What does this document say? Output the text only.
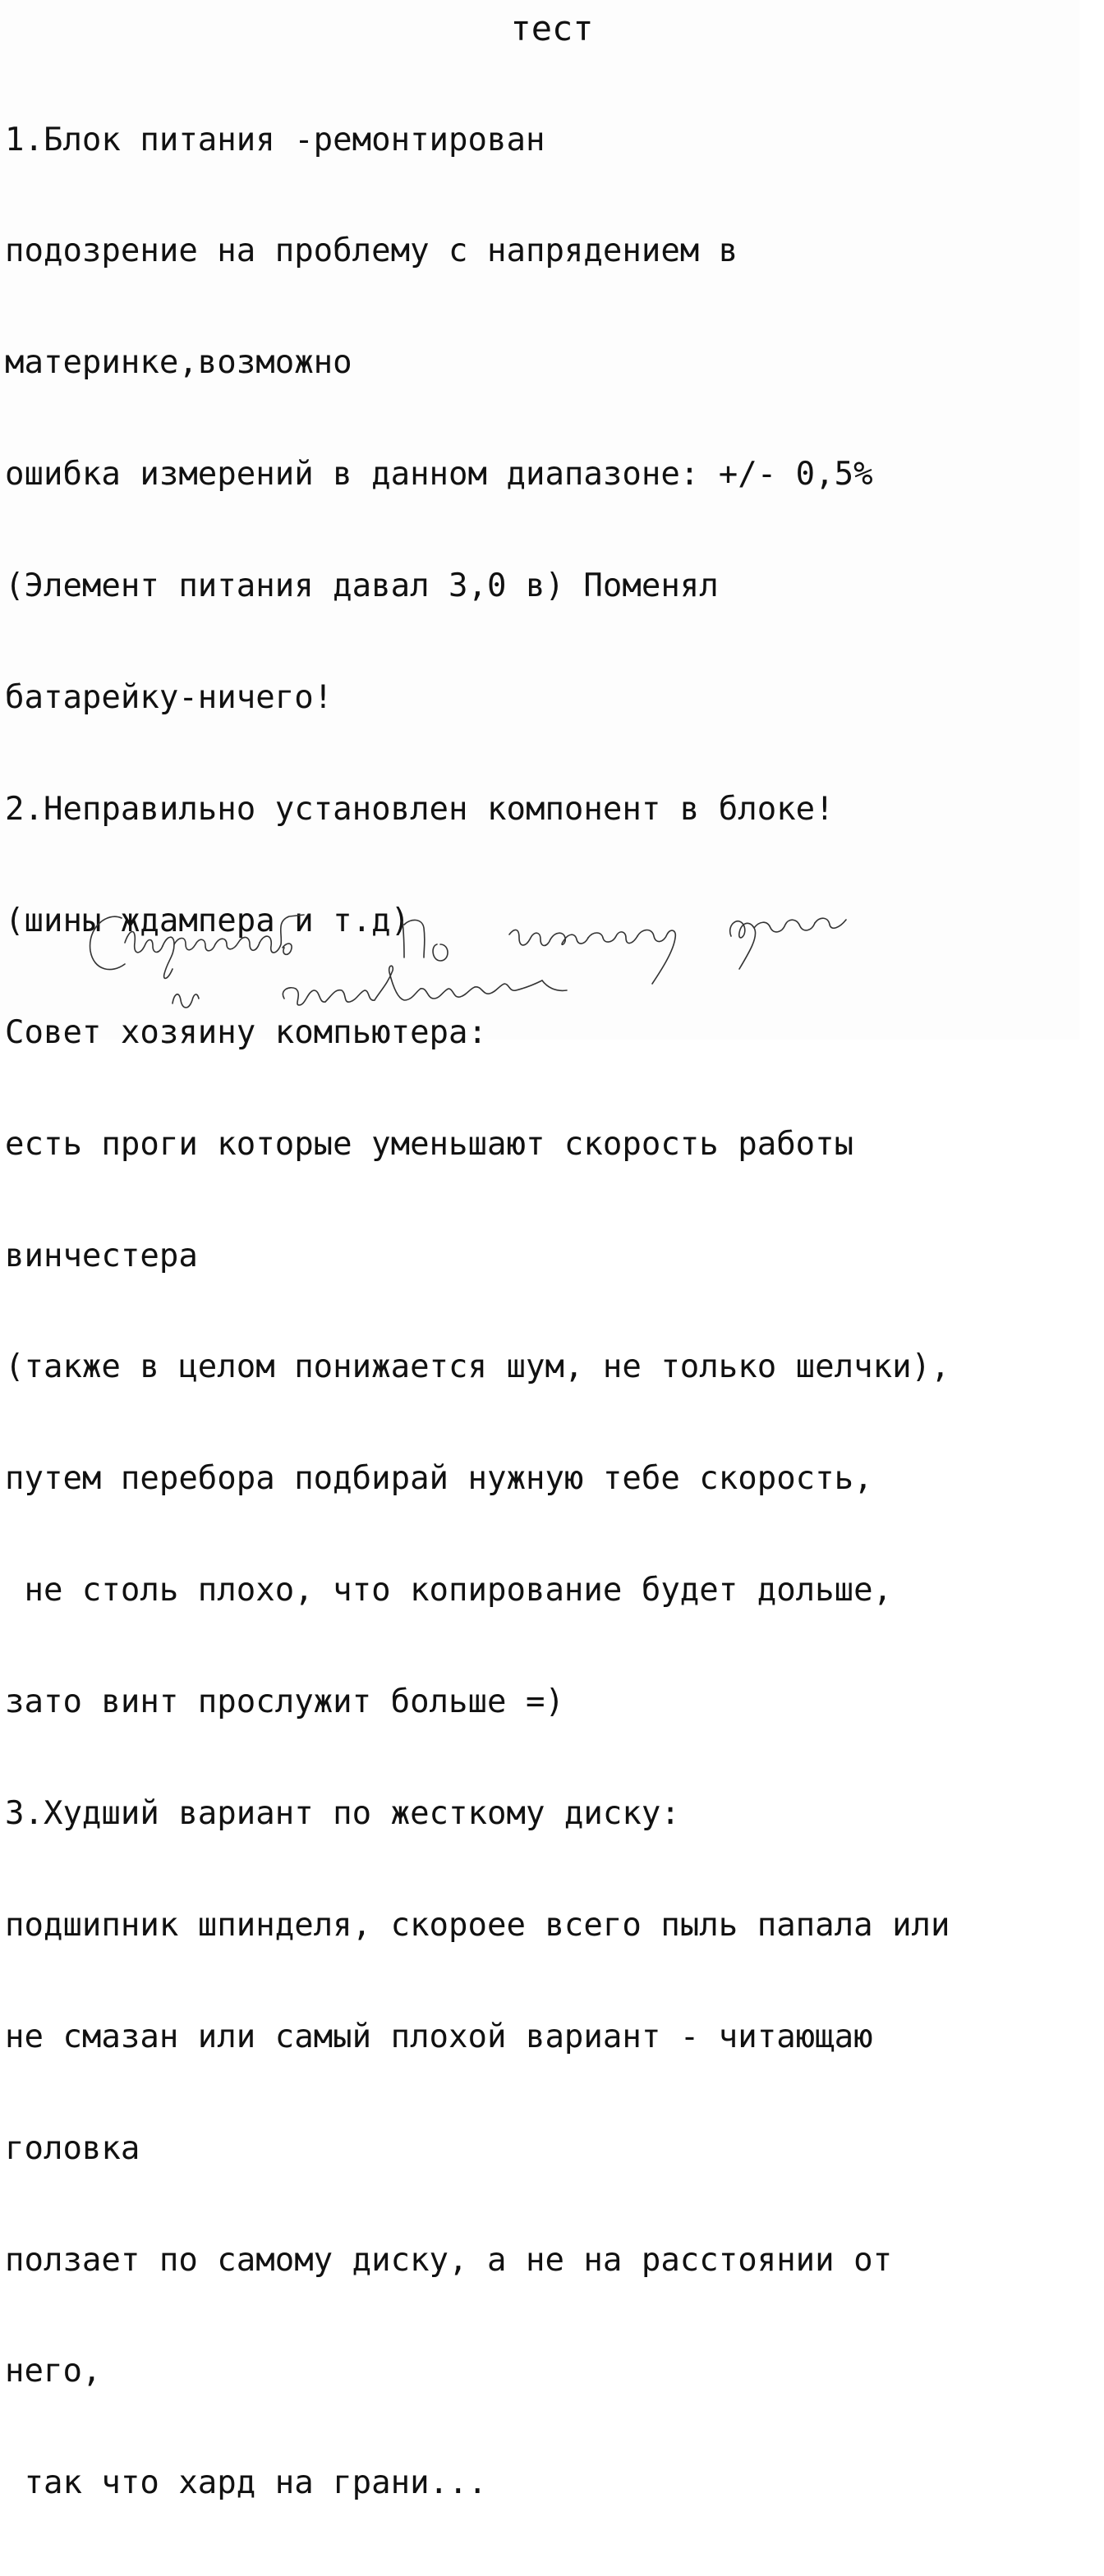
тест

1.Блок питания -ремонтирован

подозрение на проблему с напрядением в

материнке,возможно

ошибка измерений в данном диапазоне: +/- 0,5%

(Элемент питания давал 3,0 в) Поменял

батарейку-ничего!

2.Неправильно установлен компонент в блоке!

(шины ждампера и т.д)

Совет хозяину компьютера:

есть проги которые уменьшают скорость работы

винчестера

(также в целом понижается шум, не только шелчки),

путем перебора подбирай нужную тебе скорость,

не столь плохо, что копирование будет дольше,

зато винт прослужит больше =)

3.Худший вариант по жесткому диску:

подшипник шпинделя, скороее всего пыль папала или

не смазан или самый плохой вариант - читающаю

головка

ползает по самому диску, а не на расстоянии от

него,

так что хард на грани...
